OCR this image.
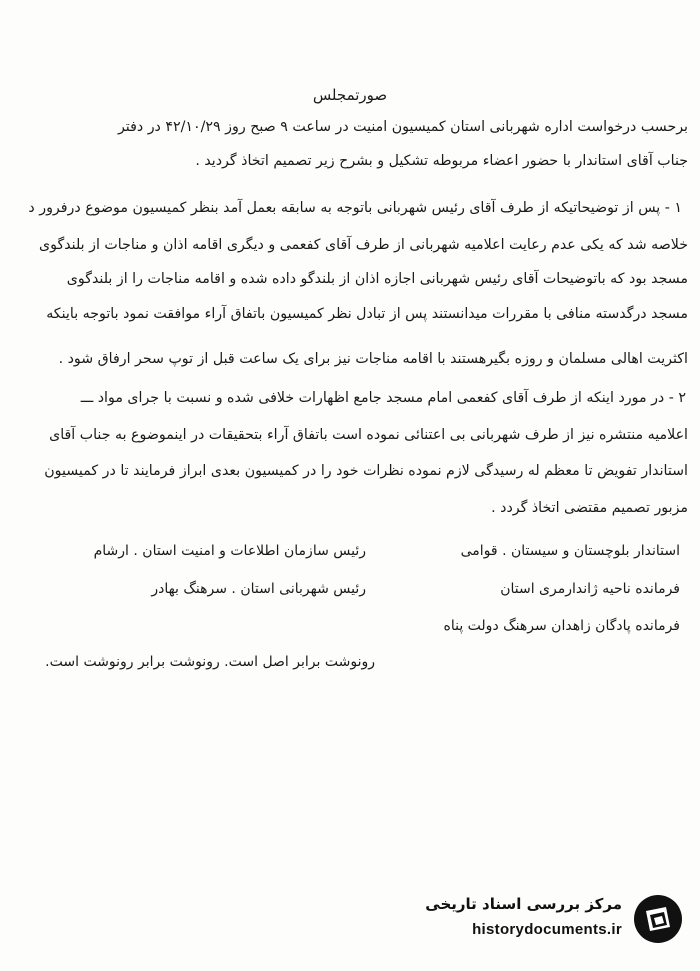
صورتمجلس
برحسب درخواست اداره شهربانی استان کمیسیون امنیت در ساعت ۹ صبح روز ۴۲/۱۰/۲۹ در دفتر
جناب آقای استاندار با حضور اعضاء مربوطه تشکیل و بشرح زیر تصمیم اتخاذ گردید .
۱ - پس از توضیحاتیکه از طرف آقای رئیس شهربانی باتوجه به سابقه بعمل آمد بنظر کمیسیون موضوع درفرور د
خلاصه شد که یکی عدم رعایت اعلامیه شهربانی از طرف آقای کفعمی و دیگری اقامه اذان و مناجات از بلندگوی
مسجد بود که باتوضیحات آقای رئیس شهربانی اجازه اذان از بلندگو داده شده و اقامه مناجات را از بلندگوی
مسجد درگدسته منافی با مقررات میدانستند پس از تبادل نظر کمیسیون باتفاق آراء موافقت نمود باتوجه باینکه
اکثریت اهالی مسلمان و روزه بگیرهستند با اقامه مناجات نیز برای یک ساعت قبل از توپ سحر ارفاق شود .
۲ - در مورد اینکه از طرف آقای کفعمی امام مسجد جامع اظهارات خلافی شده و نسبت با جرای مواد ـــ
اعلامیه منتشره نیز از طرف شهربانی بی اعتنائی نموده است باتفاق آراء بتحقیقات در اینموضوع به جناب آقای
استاندار تفویض تا معظم له رسیدگی لازم نموده نظرات خود را در کمیسیون بعدی ابراز فرمایند تا در کمیسیون
مزبور تصمیم مقتضی اتخاذ گردد .
استاندار بلوچستان و سیستان . قوامی
رئیس سازمان اطلاعات و امنیت استان . ارشام
فرمانده ناحیه ژاندارمری استان
رئیس شهربانی استان . سرهنگ بهادر
فرمانده پادگان زاهدان سرهنگ دولت پناه
رونوشت برابر اصل است. رونوشت برابر رونوشت است.
مرکز بررسی اسناد تاریخی
historydocuments.ir
